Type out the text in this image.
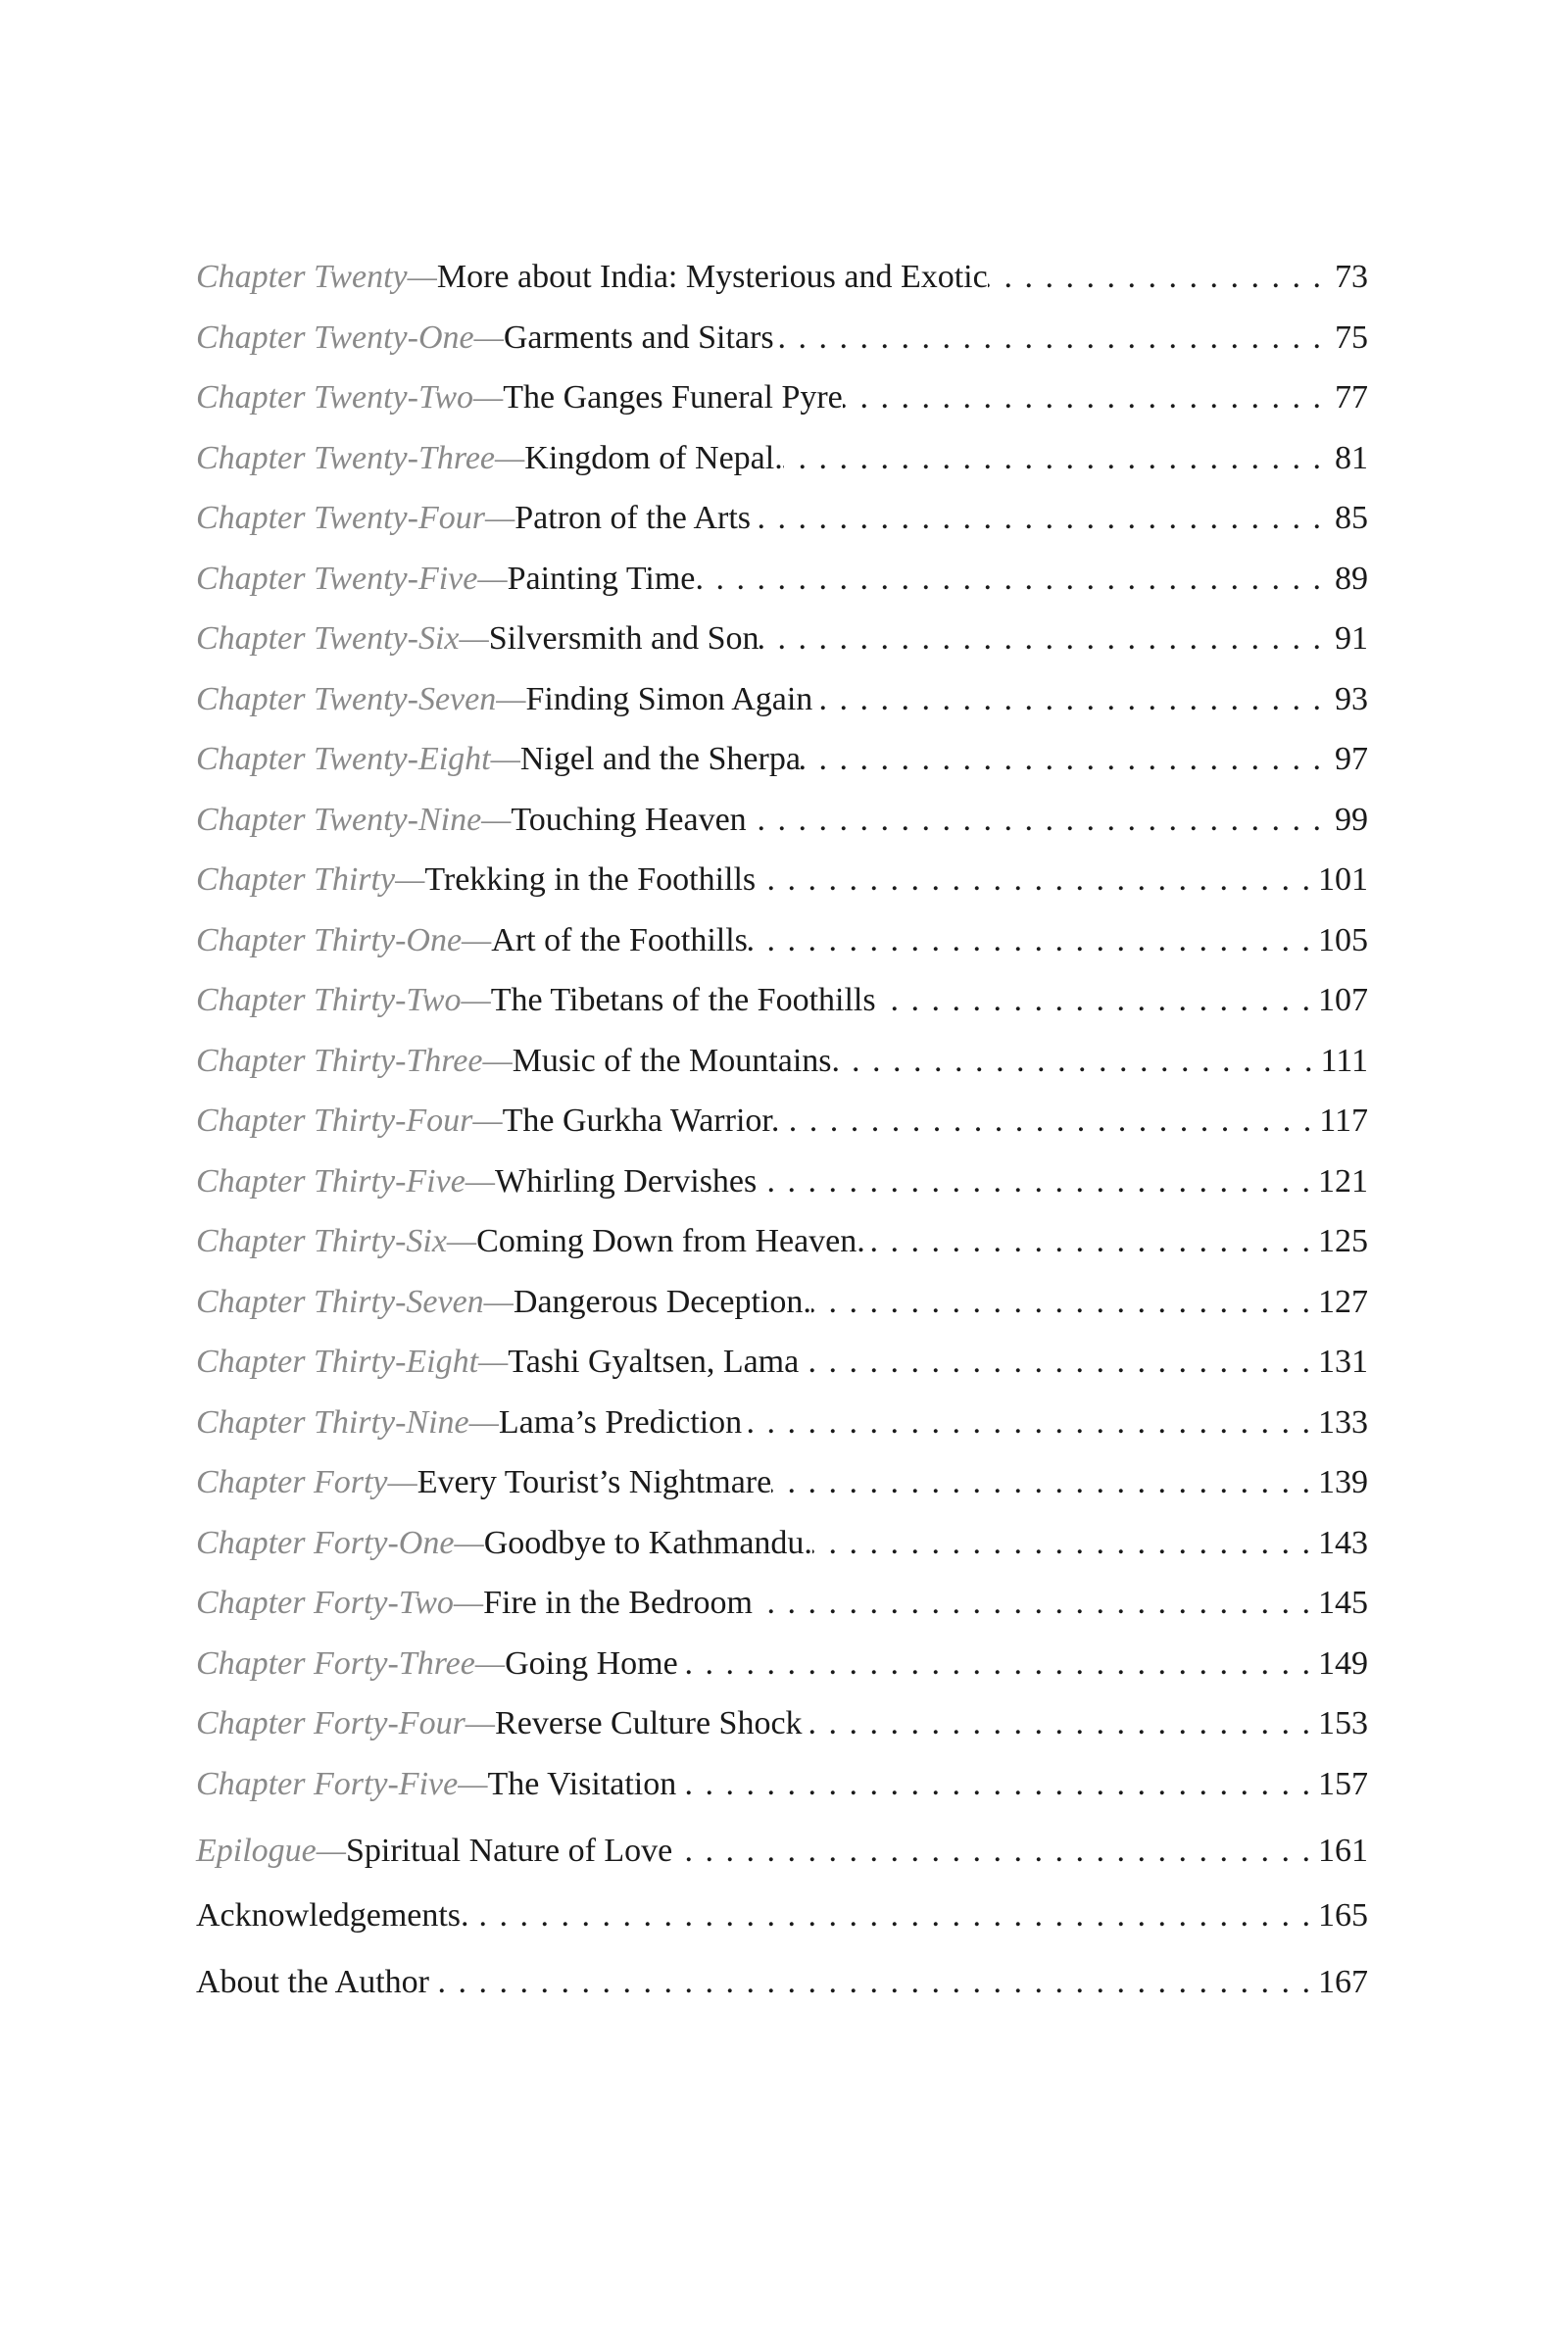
Chapter Twenty— More about India: Mysterious and Exotic . . .	73
Chapter Twenty-One— Garments and Sitars . . .	75
Chapter Twenty-Two— The Ganges Funeral Pyre . . .	77
Chapter Twenty-Three— Kingdom of Nepal. . . .	81
Chapter Twenty-Four— Patron of the Arts . . .	85
Chapter Twenty-Five— Painting Time . . .	89
Chapter Twenty-Six— Silversmith and Son . . .	91
Chapter Twenty-Seven— Finding Simon Again . . .	93
Chapter Twenty-Eight— Nigel and the Sherpa . . .	97
Chapter Twenty-Nine— Touching Heaven . . .	99
Chapter Thirty— Trekking in the Foothills . . .	101
Chapter Thirty-One— Art of the Foothills . . .	105
Chapter Thirty-Two— The Tibetans of the Foothills . . .	107
Chapter Thirty-Three— Music of the Mountains. . . .	111
Chapter Thirty-Four— The Gurkha Warrior. . . .	117
Chapter Thirty-Five— Whirling Dervishes . . .	121
Chapter Thirty-Six— Coming Down from Heaven. . . .	125
Chapter Thirty-Seven— Dangerous Deception. . . .	127
Chapter Thirty-Eight— Tashi Gyaltsen, Lama . . .	131
Chapter Thirty-Nine— Lama’s Prediction . . .	133
Chapter Forty— Every Tourist’s Nightmare . . .	139
Chapter Forty-One— Goodbye to Kathmandu. . . .	143
Chapter Forty-Two— Fire in the Bedroom . . .	145
Chapter Forty-Three— Going Home . . .	149
Chapter Forty-Four— Reverse Culture Shock . . .	153
Chapter Forty-Five— The Visitation . . .	157
Epilogue— Spiritual Nature of Love . . .	161
Acknowledgements. . . .	165
About the Author . . .	167
